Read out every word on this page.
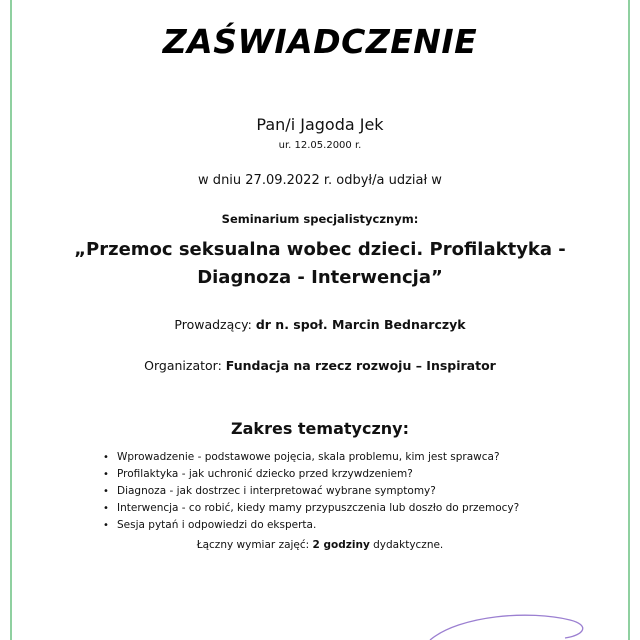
ZAŚWIADCZENIE
Pan/i Jagoda Jek
ur. 12.05.2000 r.
w dniu 27.09.2022 r. odbył/a udział w
Seminarium specjalistycznym:
„Przemoc seksualna wobec dzieci. Profilaktyka -
Diagnoza - Interwencja”
Prowadzący: dr n. społ. Marcin Bednarczyk
Organizator: Fundacja na rzecz rozwoju – Inspirator
Zakres tematyczny:
• Wprowadzenie - podstawowe pojęcia, skala problemu, kim jest sprawca?
• Profilaktyka - jak uchronić dziecko przed krzywdzeniem?
• Diagnoza - jak dostrzec i interpretować wybrane symptomy?
• Interwencja - co robić, kiedy mamy przypuszczenia lub doszło do przemocy?
• Sesja pytań i odpowiedzi do eksperta.
Łączny wymiar zajęć: 2 godziny dydaktyczne.
